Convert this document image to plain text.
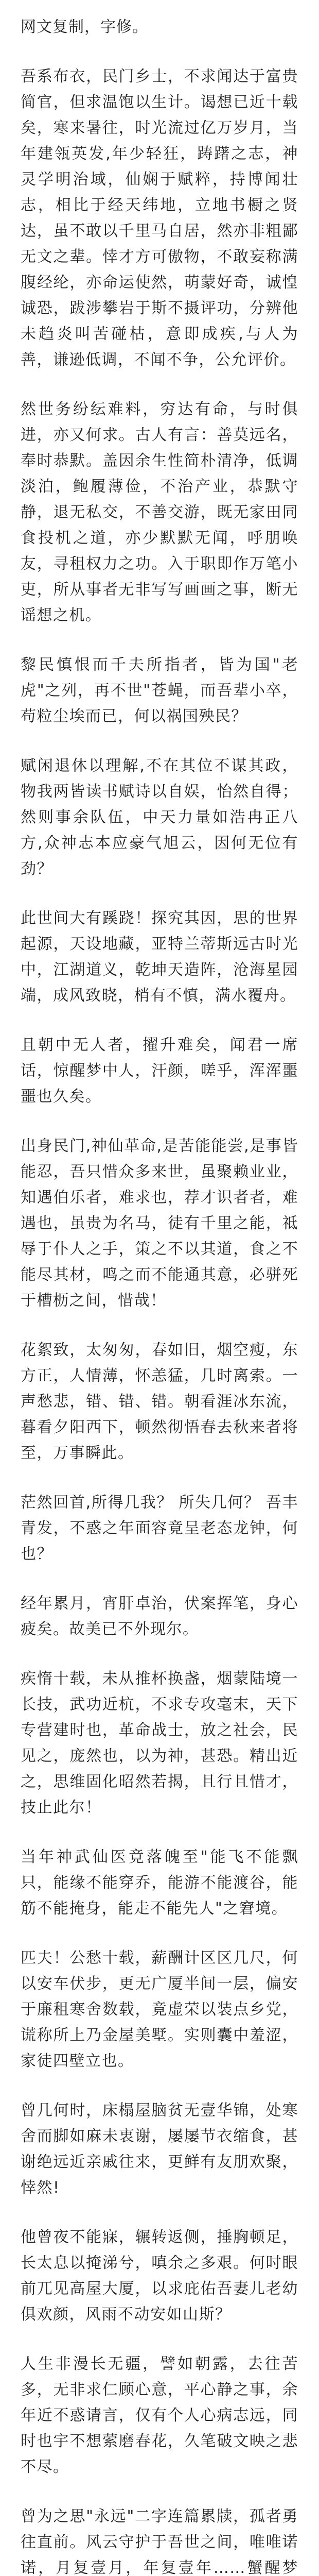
网文复制，字修。

吾系布衣，民门乡士，不求闻达于富贵简官，但求温饱以生计。谒想已近十载矣，寒来暑往，时光流过亿万岁月，当年建瓴英发,年少轻狂，踌躇之志，神灵学明治域，仙娴于赋粹，持博闻壮志，相比于经天纬地，立地书橱之贤达，虽不敢以千里马自居，然亦非粗鄙无文之辈。悻才方可傲物，不敢妄称满腹经纶，亦命运使然，萌蒙好奇，诚惶诚恐，跋涉攀岩于斯不摄评功，分辨他未趋炎叫苦碰枯，意即成疾,与人为善，谦逊低调，不闻不争，公允评价。

然世务纷纭难料，穷达有命，与时俱进，亦又何求。古人有言：善莫远名，奉时恭默。盖因余生性简朴清净，低调淡泊，鲍履薄俭，不治产业，恭默守静，退无私交，不善交游，既无家田同食投机之道，亦少默默无闻，呼朋唤友，寻租权力之功。入于职即作万笔小吏，所从事者无非写写画画之事，断无谣想之机。

黎民慎恨而千夫所指者，皆为国"老虎"之列，再不世"苍蝇，而吾辈小卒，苟粒尘埃而已，何以祸国殃民？

赋闲退休以理解,不在其位不谋其政，物我两皆读书赋诗以自娱，怡然自得；然则事余队伍，中天力量如浩冉正八方,众神志本应豪气旭云，因何无位有劲？

此世间大有蹊跷！探究其因，思的世界起源，天设地藏，亚特兰蒂斯远古时光中，江湖道义，乾坤天造阵，沧海星园端，成风致晓，梢有不慎，满水覆舟。

且朝中无人者，擢升难矣，闻君一席话，惊醒梦中人，汗颜，嗟乎，浑浑噩噩也久矣。

出身民门,神仙革命,是苦能能尝,是事皆能忍，吾只惜众多来世，虽聚赖业业，知遇伯乐者，难求也，荐才识者者，难遇也，虽贵为名马，徒有千里之能，祗辱于仆人之手，策之不以其道，食之不能尽其材，鸣之而不能通其意，必骈死于槽枥之间，惜哉！

花絮致，太匆匆，春如旧，烟空瘦，东方正，人情薄，怀恙猛，几时离索。一声愁悲，错、错、错。朝看涯冰东流，暮看夕阳西下，顿然彻悟春去秋来者将至，万事瞬此。

茫然回首,所得几我？ 所失几何？ 吾丰青发，不惑之年面容竟呈老态龙钟，何也？

经年累月，宵肝卓治，伏案挥笔，身心疲矣。故美已不外现尔。

疾惰十载，未从推杯换盏，烟蒙陆境一长技，武功近杭，不求专攻毫末，天下专营建时也，革命战士，放之社会，民见之，庞然也，以为神，甚恐。精出近之，思维固化昭然若揭，且行且惜才，技止此尔！

当年神武仙医竟落魄至"能飞不能飘只，能缘不能穿乔，能游不能渡谷，能筋不能掩身，能走不能先人"之窘境。

匹夫！公愁十载，薪酬计区区几尺，何以安车伏步，更无广厦半间一层，偏安于廉租寒舍数载，竟虚荣以装点乡党，谎称所上乃金屋美墅。实则囊中羞涩，家徒四壁立也。

曾几何时，床榻屋脑贫无壹华锦，处寒舍而脚如麻未衷谢，屡屡节衣缩食，甚谢绝远近亲戚往来，更鲜有友朋欢聚，悻然!

他曾夜不能寐，辗转返侧，捶胸顿足，长太息以掩涕兮，嗔余之多艰。何时眼前兀见高屋大厦，以求庇佑吾妻儿老幼俱欢颜，风雨不动安如山斯？

人生非漫长无疆，譬如朝露，去往苦多，无非求仁顾心意，平心静之事，余年近不惑请言，仅有个人心病志远，同时也宇不想萦磨春花，久笔破文映之悲不尽。

曾为之思"永远"二字连篇累牍，孤者勇往直前。风云守护于吾世之间，唯唯诺诺，月复壹月，年复壹年……蟹醒梦
